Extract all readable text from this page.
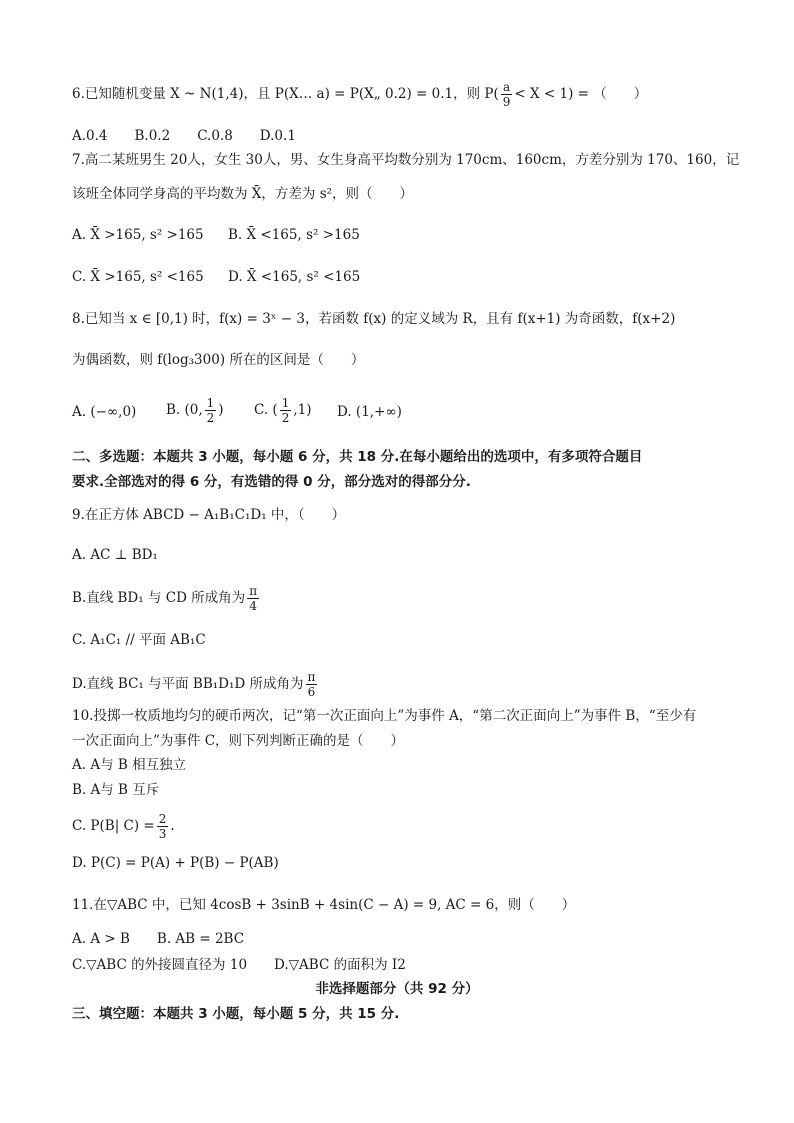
6.已知随机变量 X ~ N(1,4)，且 P(X… a) = P(X„ 0.2) = 0.1，则 $P( \frac{a}{9} < X < 1)$ = （　　）
A.0.4　　B.0.2　　C.0.8　　D.0.1
7.高二某班男生 20人，女生 30人，男、女生身高平均数分别为 170cm、160cm，方差分别为 170、160，记
该班全体同学身高的平均数为 X̄，方差为 s²，则（　　）
A. X̄ >165, s² >165 B. X̄ <165, s² >165
C. X̄ >165, s² <165 D. X̄ <165, s² <165
8.已知当 x ∈ [0,1) 时，f(x) = 3ˣ − 3，若函数 f(x) 的定义域为 R，且有 f(x+1) 为奇函数，f(x+2)
为偶函数，则 f(log₃300) 所在的区间是（　　）
A. (−∞,0) B. (0, $\frac{1}{2}$ ) C. ( $\frac{1}{2} ,1$) D. (1,+∞)
二、多选题：本题共 3 小题，每小题 6 分，共 18 分.在每小题给出的选项中，有多项符合题目
要求.全部选对的得 6 分，有选错的得 0 分，部分选对的得部分分.
9.在正方体 ABCD − A₁B₁C₁D₁ 中，（　　）
A. AC ⊥ BD₁
B.直线 BD₁ 与 CD 所成角为 $\frac{\pi}{4}$
C. A₁C₁ // 平面 AB₁C
D.直线 BC₁ 与平面 BB₁D₁D 所成角为 $\frac{\pi}{6}$
10.投掷一枚质地均匀的硬币两次，记“第一次正面向上”为事件 A，“第二次正面向上”为事件 B，“至少有
一次正面向上”为事件 C，则下列判断正确的是（　　）
A. A与 B 相互独立
B. A与 B 互斥
C. P(B| $C) = \frac{2}{3}$ .
D. P(C) = P(A) + P(B) − P(AB)
11.在▽ABC 中，已知 4cosB + 3sinB + 4sin(C − A) = 9, AC = 6，则（　　）
A. A > B　　B. AB = 2BC
C.▽ABC 的外接圆直径为 10　　D.▽ABC 的面积为 I2
非选择题部分（共 92 分）
三、填空题：本题共 3 小题，每小题 5 分，共 15 分.
